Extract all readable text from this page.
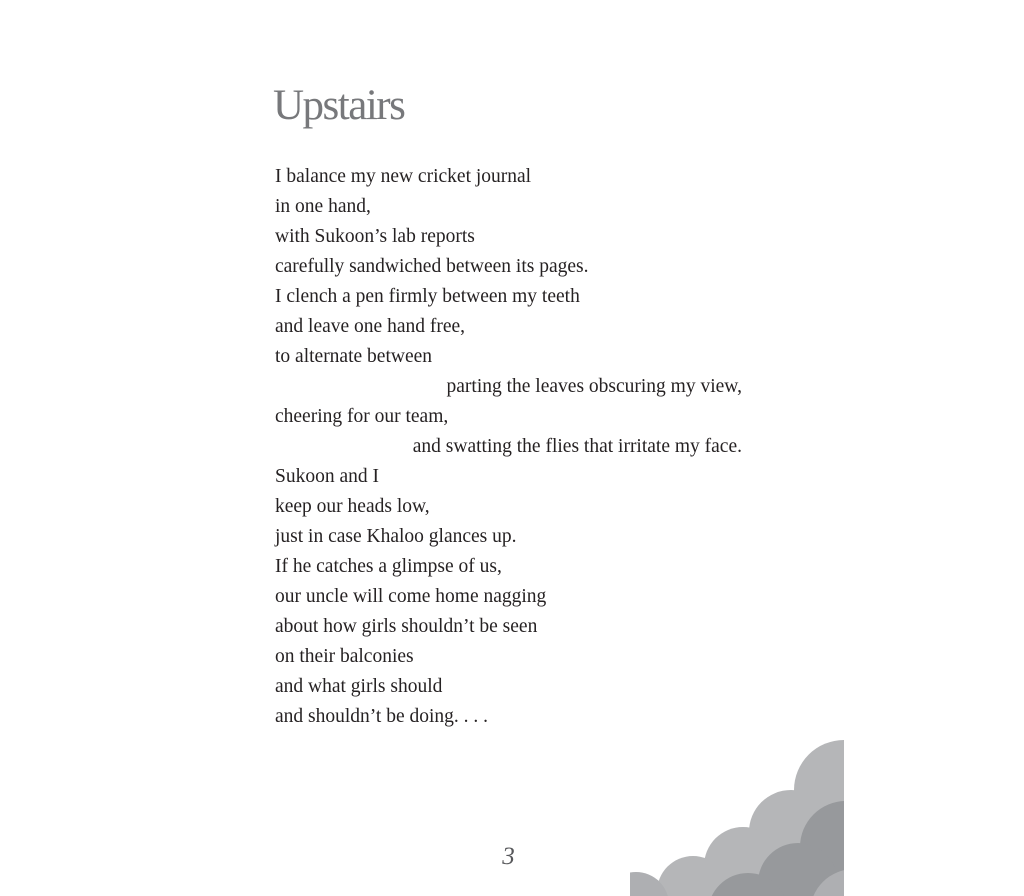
Upstairs
I balance my new cricket journal
in one hand,
with Sukoon’s lab reports
carefully sandwiched between its pages.
I clench a pen firmly between my teeth
and leave one hand free,
to alternate between
parting the leaves obscuring my view,
cheering for our team,
and swatting the flies that irritate my face.
Sukoon and I
keep our heads low,
just in case Khaloo glances up.
If he catches a glimpse of us,
our uncle will come home nagging
about how girls shouldn’t be seen
on their balconies
and what girls should
and shouldn’t be doing. . . .
3
